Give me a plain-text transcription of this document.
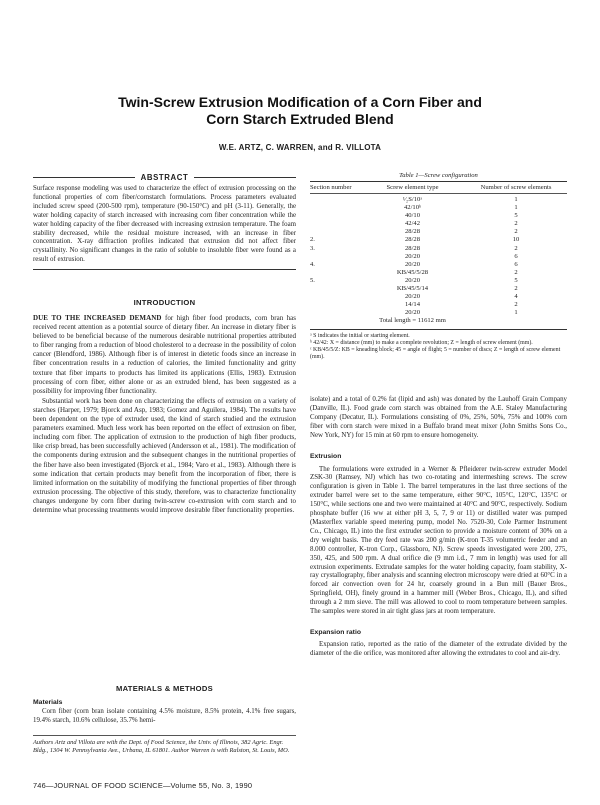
Twin-Screw Extrusion Modification of a Corn Fiber and
Corn Starch Extruded Blend
W.E. ARTZ, C. WARREN, and R. VILLOTA
ABSTRACT
Surface response modeling was used to characterize the effect of extrusion processing on the functional properties of corn fiber/cornstarch formulations. Process parameters evaluated included screw speed (200-500 rpm), temperature (90-150°C) and pH (3-11). Generally, the water holding capacity of starch increased with increasing corn fiber concentration while the water holding capacity of the fiber decreased with increasing extrusion temperature. The foam stability decreased, while the residual moisture increased, with an increase in fiber concentration. X-ray diffraction profiles indicated that extrusion did not affect fiber crystallinity. No significant changes in the ratio of soluble to insoluble fiber were found as a result of extrusion.
INTRODUCTION
DUE TO THE INCREASED DEMAND for high fiber food products, corn bran has received recent attention as a potential source of dietary fiber. An increase in dietary fiber is believed to be beneficial because of the numerous desirable nutritional properties attributed to fiber ranging from a reduction of blood cholesterol to a decrease in the possibility of colon cancer (Blendford, 1986). Although fiber is of interest in dietetic foods since an increase in fiber concentration results in a reduction of calories, the limited functionality and gritty texture that fiber imparts to products has limited its applications (Ellis, 1983). Extrusion processing of corn fiber, either alone or as an extruded blend, has been suggested as a possibility for improving fiber functionality.
Substantial work has been done on characterizing the effects of extrusion on a variety of starches (Harper, 1979; Bjorck and Asp, 1983; Gomez and Aguilera, 1984). The results have been dependent on the type of extruder used, the kind of starch studied and the extrusion parameters examined. Much less work has been reported on the effect of extrusion on fiber, including corn fiber. The application of extrusion to the production of high fiber products, like crisp bread, has been successfully achieved (Andersson et al., 1981). The modification of the components during extrusion and the subsequent changes in the nutritional properties of the fiber have also been investigated (Bjorck et al., 1984; Varo et al., 1983). Although there is some indication that certain products may benefit from the incorporation of fiber, there is limited information on the suitability of modifying the functional properties of fiber through extrusion processing. The objective of this study, therefore, was to characterize functionality changes undergone by corn fiber during twin-screw co-extrusion with corn starch and to determine what processing treatments would improve desirable fiber functionality properties.
MATERIALS & METHODS
Materials
Corn fiber (corn bran isolate containing 4.5% moisture, 8.5% protein, 4.1% free sugars, 19.4% starch, 10.6% cellulose, 35.7% hemi-
Authors Artz and Villota are with the Dept. of Food Science, the Univ. of Illinois, 382 Agric. Engr. Bldg., 1304 W. Pennsylvania Ave., Urbana, IL 61801. Author Warren is with Ralston, St. Louis, MO.
746—JOURNAL OF FOOD SCIENCE—Volume 55, No. 3, 1990
Table 1—Screw configuration
Section number	Screw element type	Number of screw elements

	¹⁄₂S/10ᵃ	1
	42/10ᵇ	1
	40/10	5
	42/42	2
	28/28	2
2.	28/28	10
3.	28/28	2
	20/20	6
4.	20/20	6
	KB/45/5/28	2
5.	20/20	5
	KB/45/5/14	2
	20/20	4
	14/14	2
	20/20	1
	Total length = 11612 mm	
ᵃ S indicates the initial or starting element.
ᵇ 42/42: X = distance (mm) to make a complete revolution; Z = length of screw element (mm).
ᶜ KB/45/5/Z: KB = kneading block; 45 = angle of flight; 5 = number of discs; Z = length of screw element (mm).
isolate) and a total of 0.2% fat (lipid and ash) was donated by the Lauhoff Grain Company (Danville, IL). Food grade corn starch was obtained from the A.E. Staley Manufacturing Company (Decatur, IL). Formulations consisting of 0%, 25%, 50%, 75% and 100% corn fiber with corn starch were mixed in a Buffalo brand meat mixer (John Smiths Sons Co., New York, NY) for 15 min at 60 rpm to ensure homogeneity.
Extrusion
The formulations were extruded in a Werner & Pfleiderer twin-screw extruder Model ZSK-30 (Ramsey, NJ) which has two co-rotating and intermeshing screws. The screw configuration is given in Table 1. The barrel temperatures in the last three sections of the extruder barrel were set to the same temperature, either 90°C, 105°C, 120°C, 135°C or 150°C, while sections one and two were maintained at 40°C and 90°C, respectively. Sodium phosphate buffer (16 ww at either pH 3, 5, 7, 9 or 11) or distilled water was pumped (Masterflex variable speed metering pump, model No. 7520-30, Cole Parmer Instrument Co., Chicago, IL) into the first extruder section to provide a moisture content of 30% on a dry weight basis. The dry feed rate was 200 g/min (K-tron T-35 volumetric feeder and an 8.000 controller, K-tron Corp., Glassboro, NJ). Screw speeds investigated were 200, 275, 350, 425, and 500 rpm. A dual orifice die (9 mm i.d., 7 mm in length) was used for all extrusion experiments. Extrudate samples for the water holding capacity, foam stability, X-ray crystallography, fiber analysis and scanning electron microscopy were dried at 60°C in a forced air convection oven for 24 hr, coarsely ground in a Bun mill (Bauer Bros., Springfield, OH), finely ground in a hammer mill (Weber Bros., Chicago, IL), and sifted through a 2 mm sieve. The mill was allowed to cool to room temperature between samples. The samples were stored in air tight glass jars at room temperature.
Expansion ratio
Expansion ratio, reported as the ratio of the diameter of the extrudate divided by the diameter of the die orifice, was monitored after allowing the extrudates to cool and air-dry.
